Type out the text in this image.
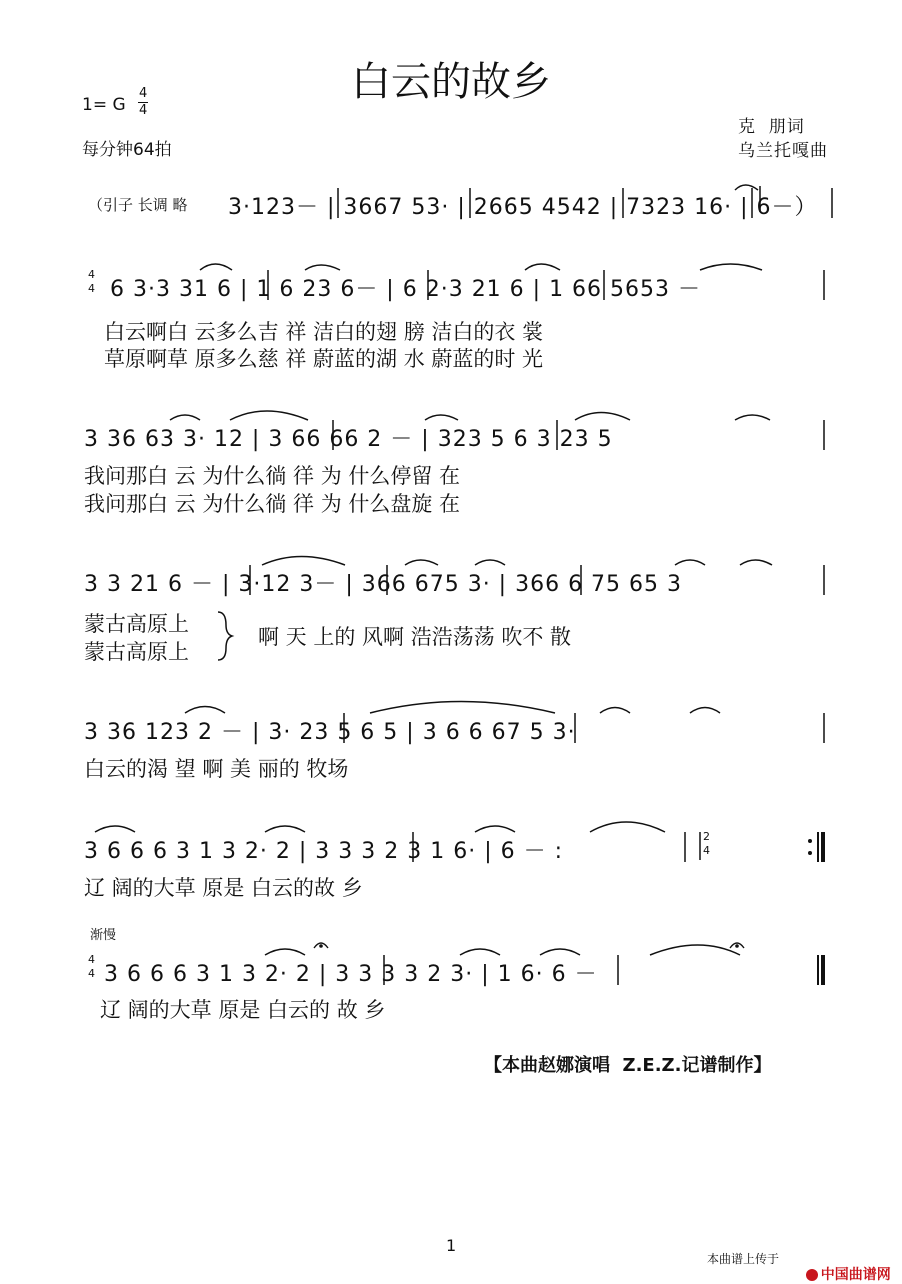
白云的故乡
1= G
4
4
每分钟64拍
克  朋词
乌兰托嘎曲
（引子 长调 略 3·123－ | 3667 53· | 2665 4542 | 7323 16· | 6－）
4
4 6 3·3 31 6 | 1 6 23 6－ | 6 2·3 21 6 | 1 66 5653 －
白云啊白 云多么吉 祥 洁白的翅 膀 洁白的衣 裳
草原啊草 原多么慈 祥 蔚蓝的湖 水 蔚蓝的时 光
3 36 63 3· 12 | 3 66 66 2 － | 323 5 6 3 23 5
我问那白 云 为什么徜 徉 为 什么停留 在
我问那白 云 为什么徜 徉 为 什么盘旋 在
3 3 21 6 － | 3·12 3－ | 366 675 3· | 366 6 75 65 3
蒙古高原上
蒙古高原上
啊 天 上的 风啊 浩浩荡荡 吹不 散
3 36 123 2 － | 3· 23 5 6 5 | 3 6 6 67 5 3·
白云的渴 望 啊 美 丽的 牧场
3 6 6 6 3 1 3 2· 2 | 3 3 3 2 3 1 6· | 6 － :
2
4
辽 阔的大草 原是 白云的故 乡
渐慢
4
4 3 6 6 6 3 1 3 2· 2 | 3 3 3 3 2 3· | 1 6· 6 －
辽 阔的大草 原是 白云的 故 乡
【本曲赵娜演唱  Z.E.Z.记谱制作】
1
本曲谱上传于

中国曲谱网
